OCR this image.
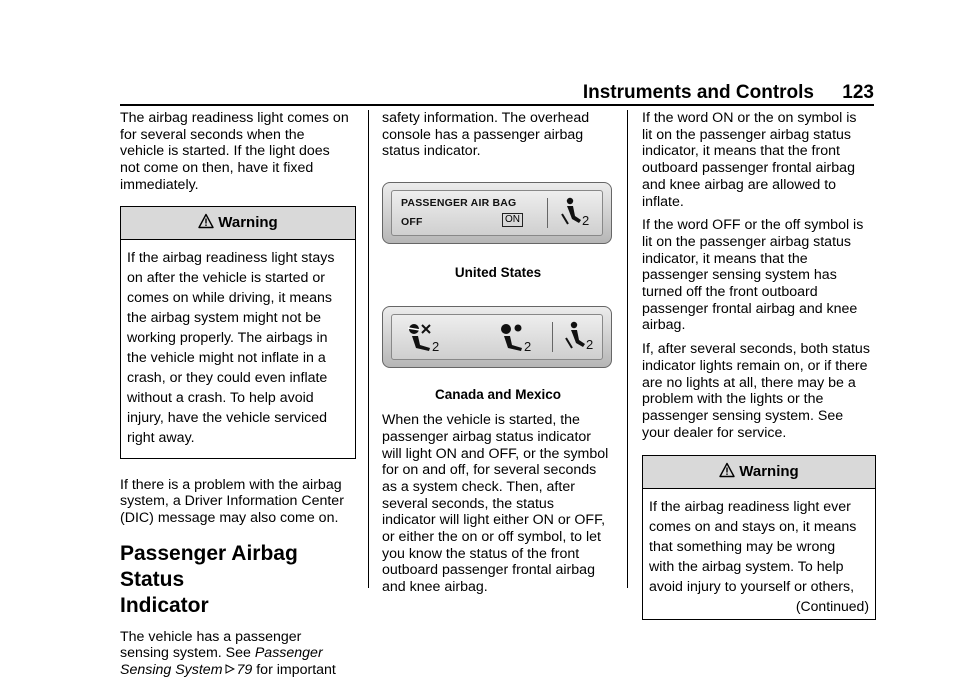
Instruments and Controls 123

The airbag readiness light comes on
for several seconds when the
vehicle is started. If the light does
not come on then, have it fixed
immediately.

Warning

If the airbag readiness light stays
on after the vehicle is started or
comes on while driving, it means
the airbag system might not be
working properly. The airbags in
the vehicle might not inflate in a
crash, or they could even inflate
without a crash. To help avoid
injury, have the vehicle serviced
right away.

If there is a problem with the airbag
system, a Driver Information Center
(DIC) message may also come on.

Passenger Airbag Status
Indicator

The vehicle has a passenger
sensing system. See Passenger
Sensing System 79 for important

safety information. The overhead
console has a passenger airbag
status indicator.

PASSENGER AIR BAG
OFF	ON	2
United States
2	2	2
Canada and Mexico

When the vehicle is started, the
passenger airbag status indicator
will light ON and OFF, or the symbol
for on and off, for several seconds
as a system check. Then, after
several seconds, the status
indicator will light either ON or OFF,
or either the on or off symbol, to let
you know the status of the front
outboard passenger frontal airbag
and knee airbag.

If the word ON or the on symbol is
lit on the passenger airbag status
indicator, it means that the front
outboard passenger frontal airbag
and knee airbag are allowed to
inflate.

If the word OFF or the off symbol is
lit on the passenger airbag status
indicator, it means that the
passenger sensing system has
turned off the front outboard
passenger frontal airbag and knee
airbag.

If, after several seconds, both status
indicator lights remain on, or if there
are no lights at all, there may be a
problem with the lights or the
passenger sensing system. See
your dealer for service.

Warning

If the airbag readiness light ever
comes on and stays on, it means
that something may be wrong
with the airbag system. To help
avoid injury to yourself or others,

(Continued)
